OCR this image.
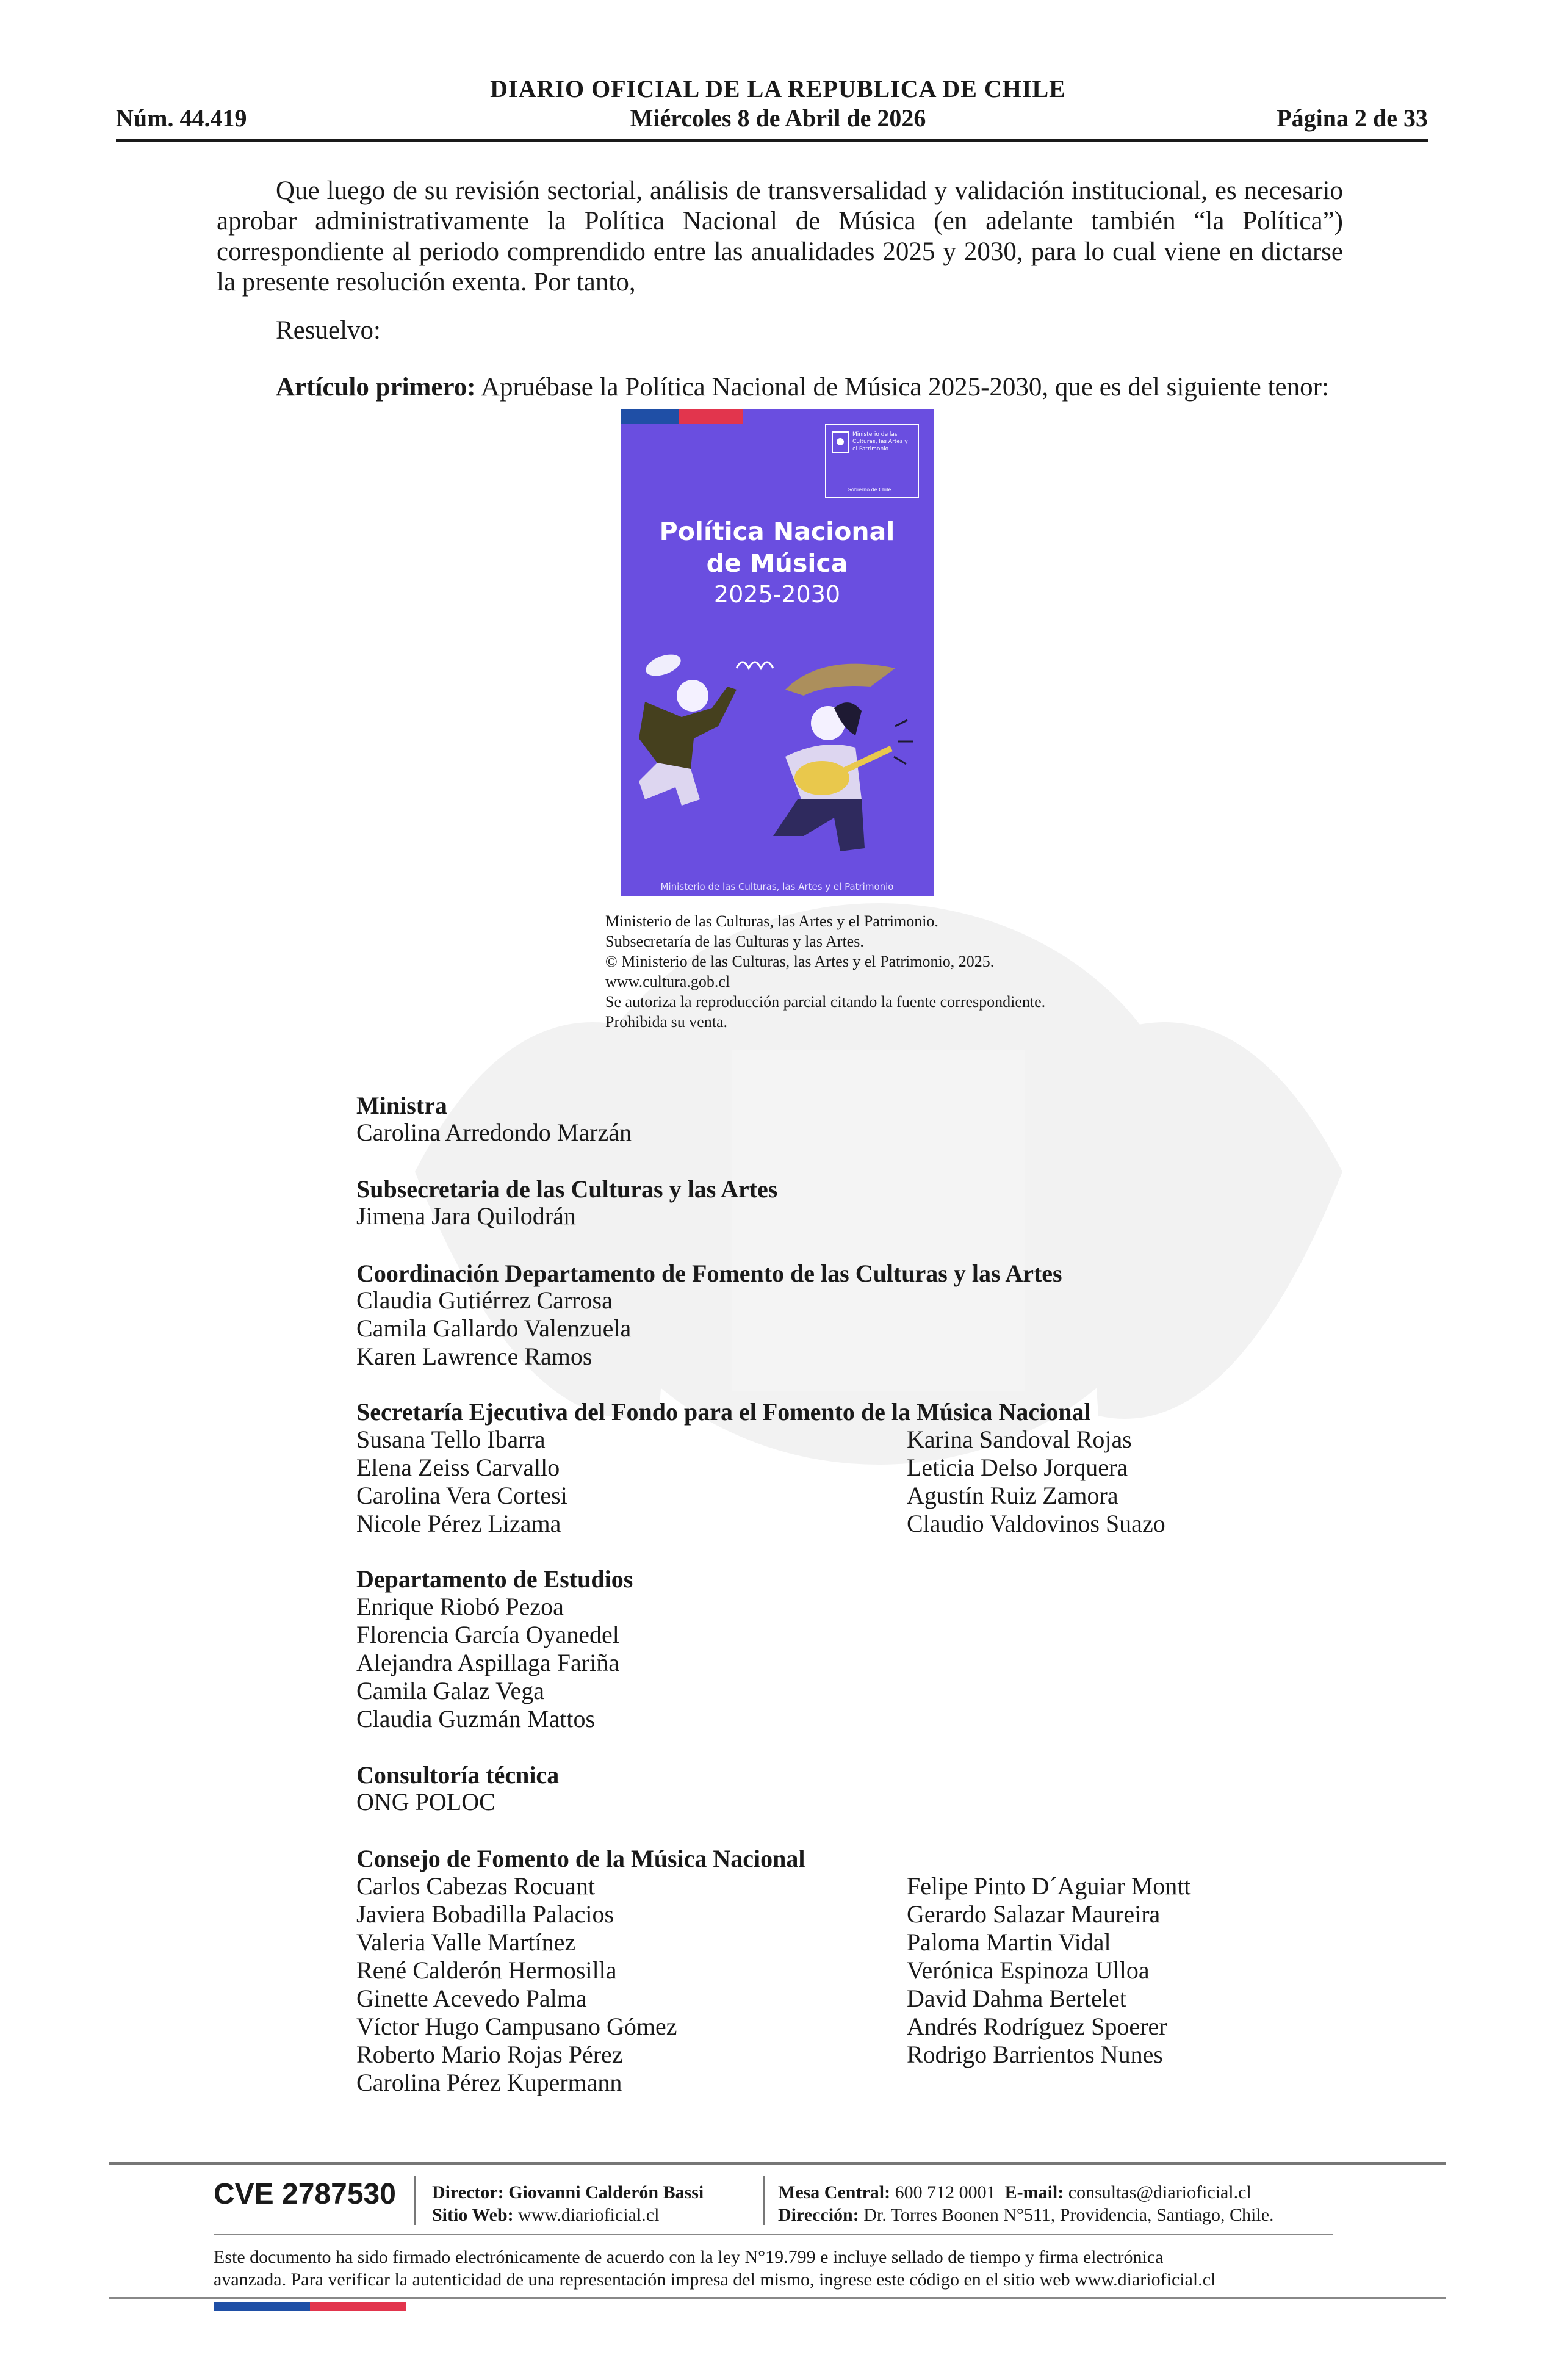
DIARIO OFICIAL DE LA REPUBLICA DE CHILE
Núm. 44.419	Miércoles 8 de Abril de 2026	Página 2 de 33
Que luego de su revisión sectorial, análisis de transversalidad y validación institucional, es necesario aprobar administrativamente la Política Nacional de Música (en adelante también “la Política”) correspondiente al periodo comprendido entre las anualidades 2025 y 2030, para lo cual viene en dictarse la presente resolución exenta. Por tanto,
Resuelvo:
Artículo primero: Apruébase la Política Nacional de Música 2025-2030, que es del siguiente tenor:
Ministerio de las Culturas, las Artes y el Patrimonio
Gobierno de Chile
Política Nacional
de Música
2025-2030
Ministerio de las Culturas, las Artes y el Patrimonio
Ministerio de las Culturas, las Artes y el Patrimonio.
Subsecretaría de las Culturas y las Artes.
© Ministerio de las Culturas, las Artes y el Patrimonio, 2025.
www.cultura.gob.cl
Se autoriza la reproducción parcial citando la fuente correspondiente.
Prohibida su venta.
Ministra
Carolina Arredondo Marzán
Subsecretaria de las Culturas y las Artes
Jimena Jara Quilodrán
Coordinación Departamento de Fomento de las Culturas y las Artes
Claudia Gutiérrez Carrosa
Camila Gallardo Valenzuela
Karen Lawrence Ramos
Secretaría Ejecutiva del Fondo para el Fomento de la Música Nacional
Susana Tello Ibarra
Elena Zeiss Carvallo
Carolina Vera Cortesi
Nicole Pérez Lizama
Karina Sandoval Rojas
Leticia Delso Jorquera
Agustín Ruiz Zamora
Claudio Valdovinos Suazo
Departamento de Estudios
Enrique Riobó Pezoa
Florencia García Oyanedel
Alejandra Aspillaga Fariña
Camila Galaz Vega
Claudia Guzmán Mattos
Consultoría técnica
ONG POLOC
Consejo de Fomento de la Música Nacional
Carlos Cabezas Rocuant
Javiera Bobadilla Palacios
Valeria Valle Martínez
René Calderón Hermosilla
Ginette Acevedo Palma
Víctor Hugo Campusano Gómez
Roberto Mario Rojas Pérez
Carolina Pérez Kupermann
Felipe Pinto D´Aguiar Montt
Gerardo Salazar Maureira
Paloma Martin Vidal
Verónica Espinoza Ulloa
David Dahma Bertelet
Andrés Rodríguez Spoerer
Rodrigo Barrientos Nunes
CVE 2787530 Director: Giovanni Calderón Bassi
Sitio Web: www.diarioficial.cl
Mesa Central: 600 712 0001 E-mail: consultas@diarioficial.cl
Dirección: Dr. Torres Boonen N°511, Providencia, Santiago, Chile.
Este documento ha sido firmado electrónicamente de acuerdo con la ley N°19.799 e incluye sellado de tiempo y firma electrónica
avanzada. Para verificar la autenticidad de una representación impresa del mismo, ingrese este código en el sitio web www.diarioficial.cl
